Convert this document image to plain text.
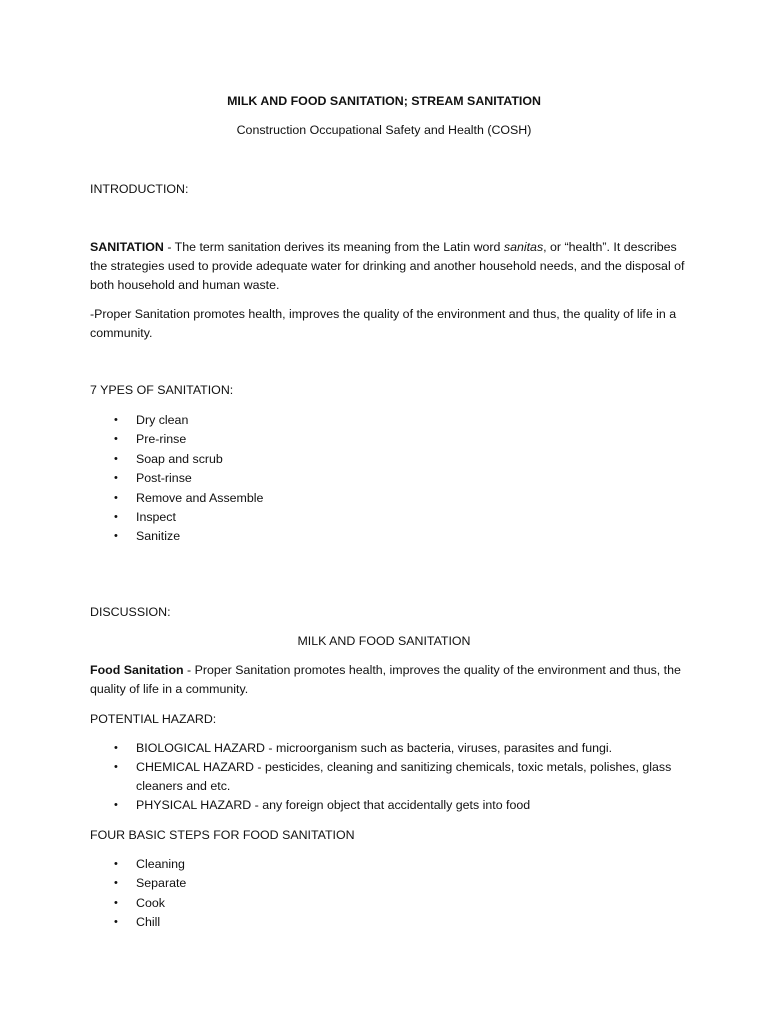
MILK AND FOOD SANITATION; STREAM SANITATION
Construction Occupational Safety and Health (COSH)
INTRODUCTION:
SANITATION - The term sanitation derives its meaning from the Latin word sanitas, or “health”. It describes the strategies used to provide adequate water for drinking and another household needs, and the disposal of both household and human waste.
-Proper Sanitation promotes health, improves the quality of the environment and thus, the quality of life in a community.
7 YPES OF SANITATION:
• Dry clean
• Pre-rinse
• Soap and scrub
• Post-rinse
• Remove and Assemble
• Inspect
• Sanitize
DISCUSSION:
MILK AND FOOD SANITATION
Food Sanitation - Proper Sanitation promotes health, improves the quality of the environment and thus, the quality of life in a community.
POTENTIAL HAZARD:
• BIOLOGICAL HAZARD - microorganism such as bacteria, viruses, parasites and fungi.
• CHEMICAL HAZARD - pesticides, cleaning and sanitizing chemicals, toxic metals, polishes, glass cleaners and etc.
• PHYSICAL HAZARD - any foreign object that accidentally gets into food
FOUR BASIC STEPS FOR FOOD SANITATION
• Cleaning
• Separate
• Cook
• Chill
